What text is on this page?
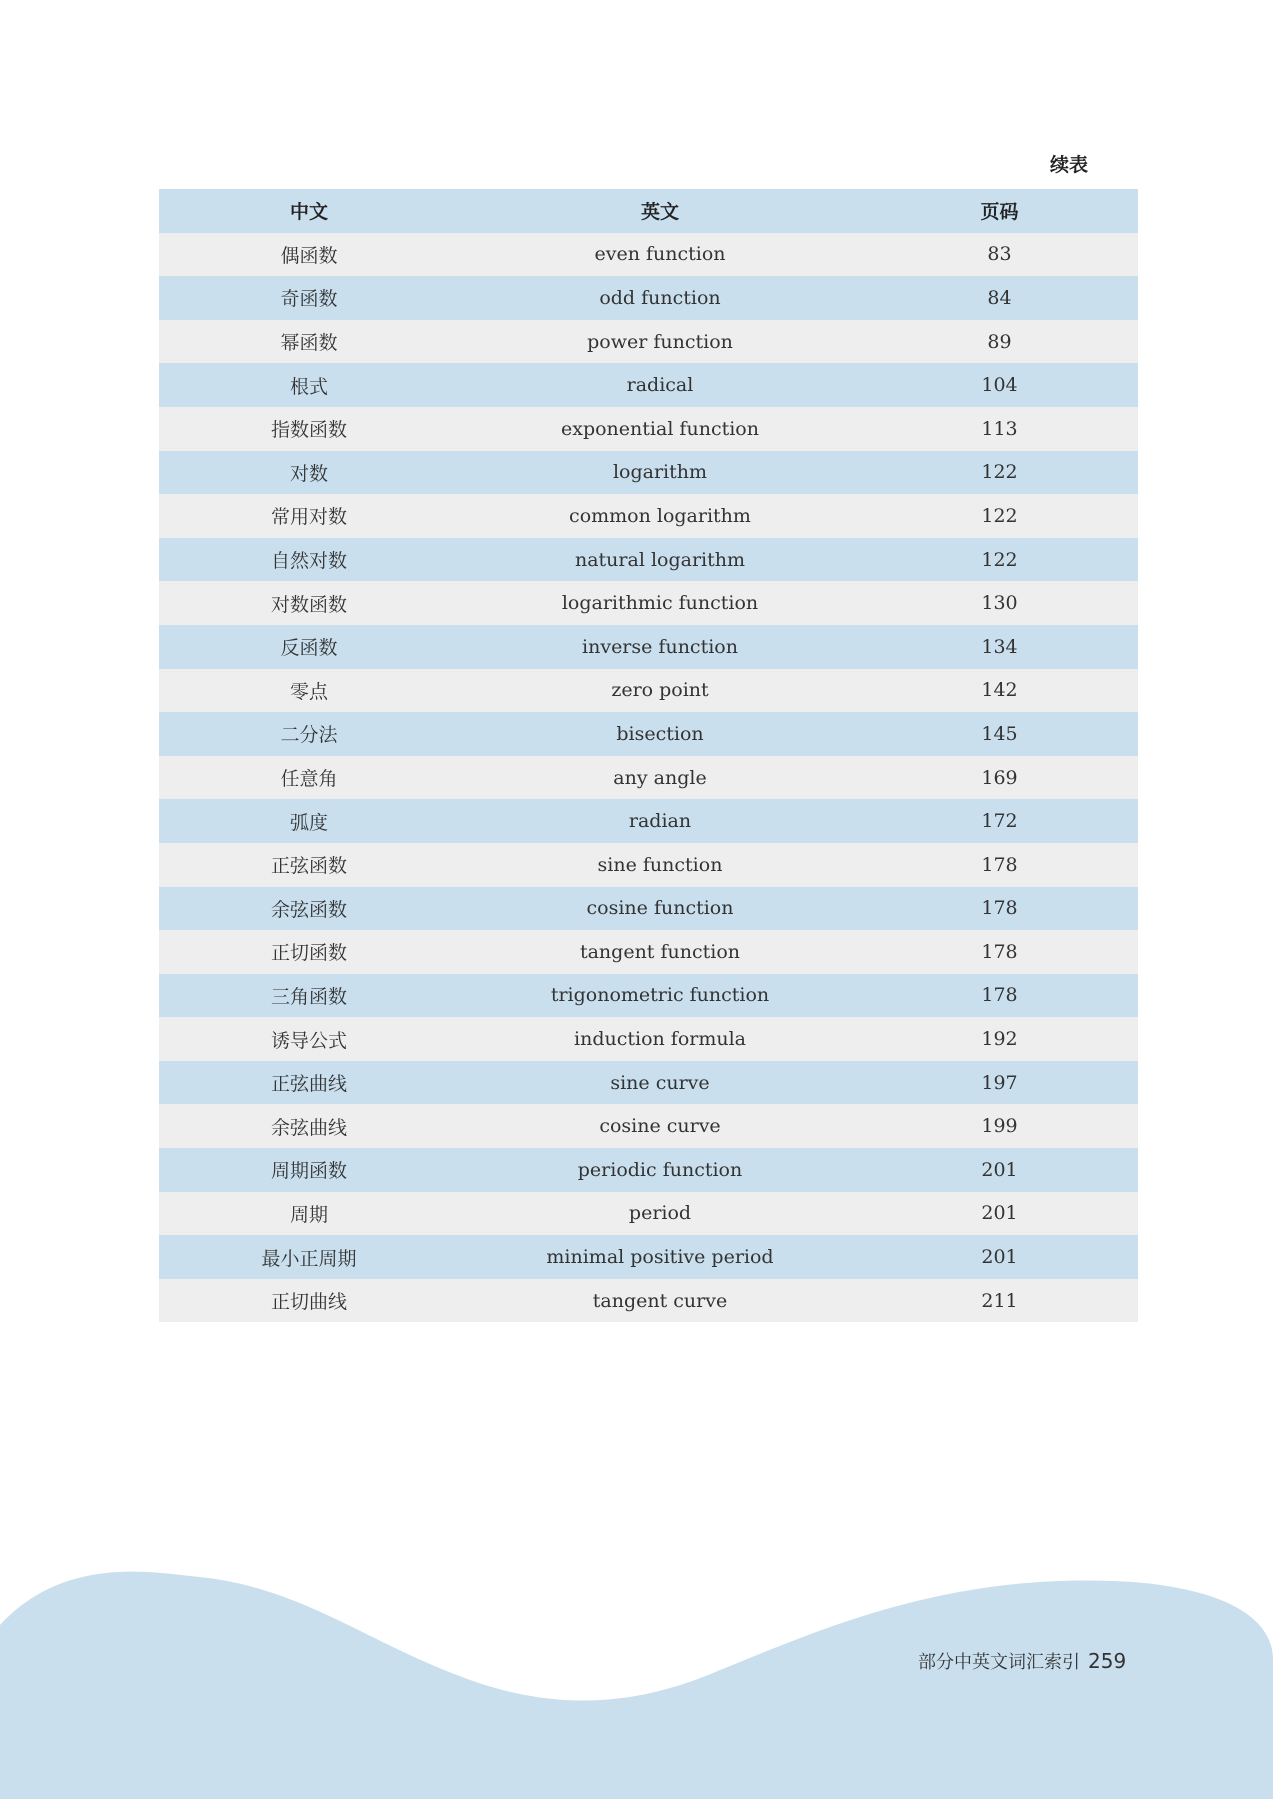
续表
中文	英文	页码
偶函数	even function	83
奇函数	odd function	84
幂函数	power function	89
根式	radical	104
指数函数	exponential function	113
对数	logarithm	122
常用对数	common logarithm	122
自然对数	natural logarithm	122
对数函数	logarithmic function	130
反函数	inverse function	134
零点	zero point	142
二分法	bisection	145
任意角	any angle	169
弧度	radian	172
正弦函数	sine function	178
余弦函数	cosine function	178
正切函数	tangent function	178
三角函数	trigonometric function	178
诱导公式	induction formula	192
正弦曲线	sine curve	197
余弦曲线	cosine curve	199
周期函数	periodic function	201
周期	period	201
最小正周期	minimal positive period	201
正切曲线	tangent curve	211
部分中英文词汇索引 259
